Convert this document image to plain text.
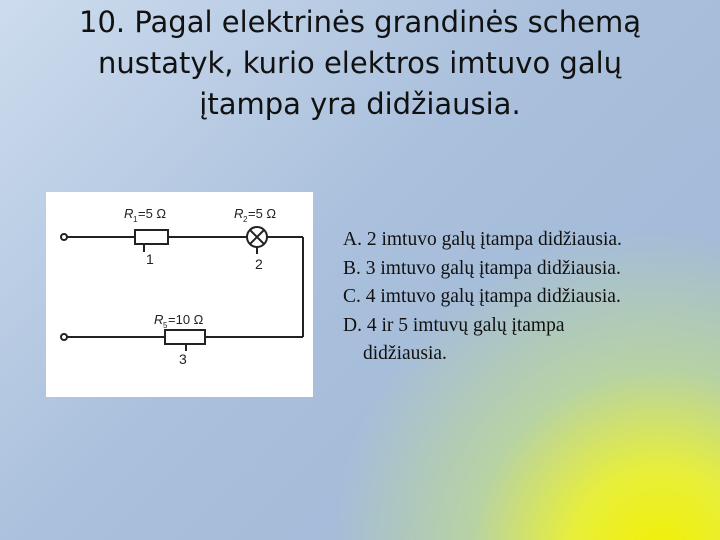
10. Pagal elektrinės grandinės schemą
nustatyk, kurio elektros imtuvo galų
įtampa yra didžiausia.
R 1 =5 Ω	R 2 =5 Ω
R 5 =10 Ω
1	2
3
A. 2 imtuvo galų įtampa didžiausia.
B. 3 imtuvo galų įtampa didžiausia.
C. 4 imtuvo galų įtampa didžiausia.
D. 4 ir 5 imtuvų galų įtampa
didžiausia.
